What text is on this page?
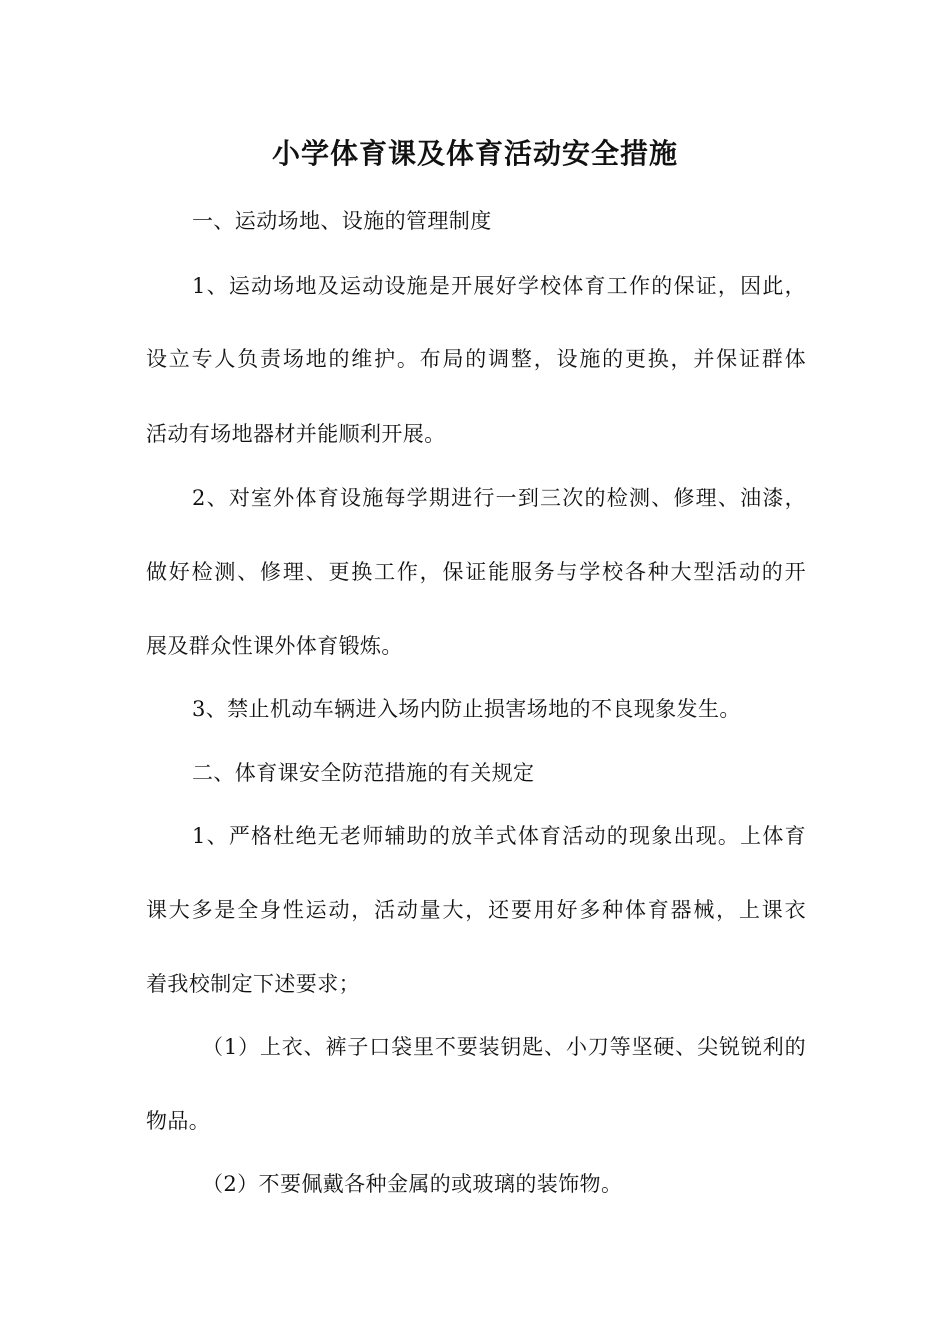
小学体育课及体育活动安全措施

一、运动场地、设施的管理制度

1、运动场地及运动设施是开展好学校体育工作的保证，因此，

设立专人负责场地的维护。布局的调整，设施的更换，并保证群体

活动有场地器材并能顺利开展。

2、对室外体育设施每学期进行一到三次的检测、修理、油漆，

做好检测、修理、更换工作，保证能服务与学校各种大型活动的开

展及群众性课外体育锻炼。

3、禁止机动车辆进入场内防止损害场地的不良现象发生。

二、体育课安全防范措施的有关规定

1、严格杜绝无老师辅助的放羊式体育活动的现象出现。上体育

课大多是全身性运动，活动量大，还要用好多种体育器械，上课衣

着我校制定下述要求；

（1）上衣、裤子口袋里不要装钥匙、小刀等坚硬、尖锐锐利的

物品。

（2）不要佩戴各种金属的或玻璃的装饰物。
